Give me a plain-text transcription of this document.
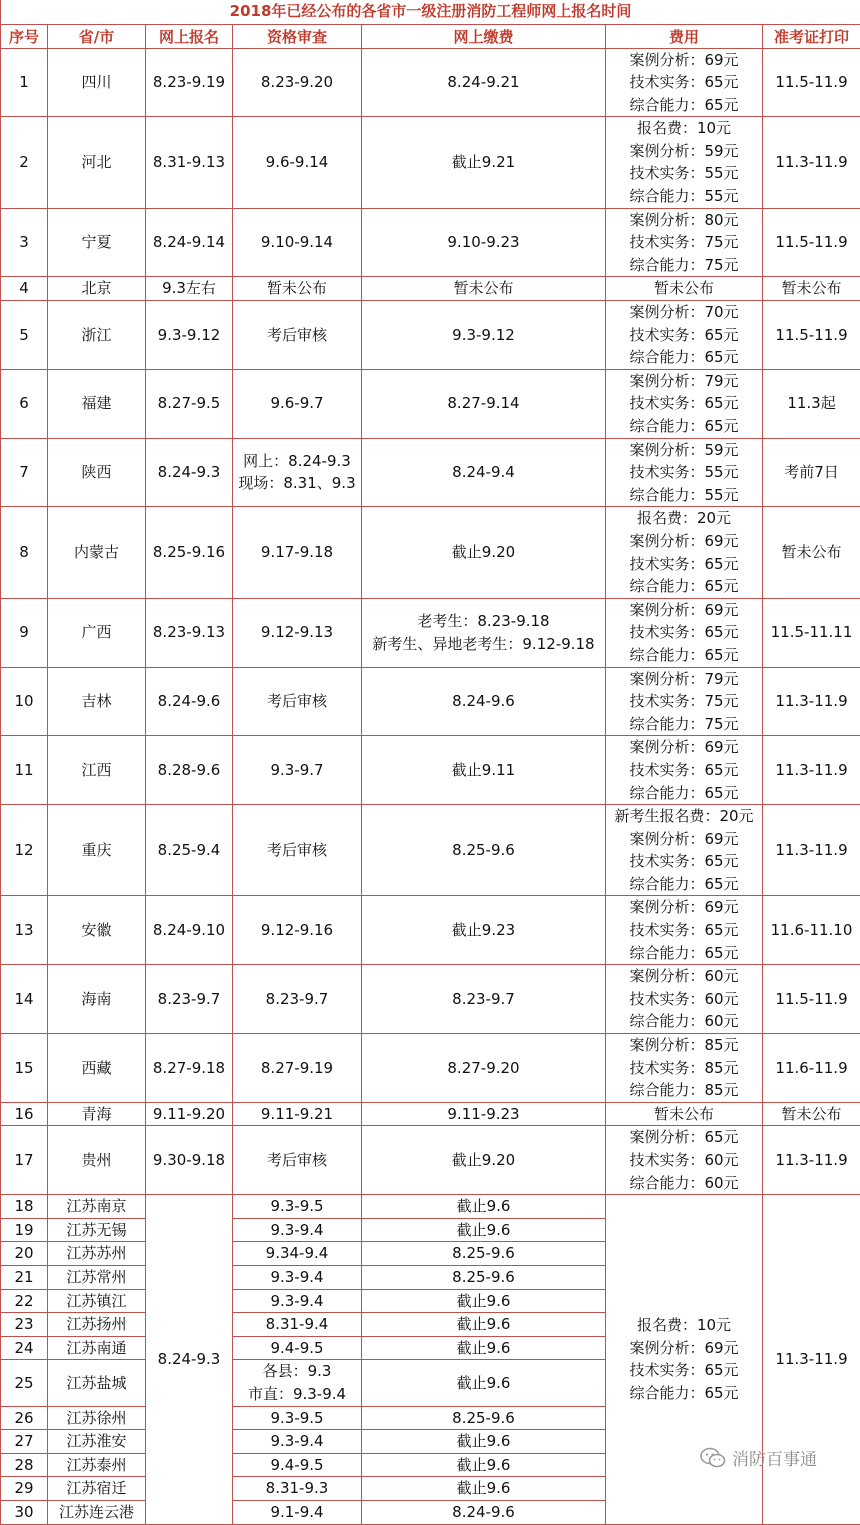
2018年已经公布的各省市一级注册消防工程师网上报名时间						
序号	省/市	网上报名	资格审查	网上缴费	费用	准考证打印
1	四川	8.23-9.19	8.23-9.20	8.24-9.21	案例分析：69元
技术实务：65元
综合能力：65元	11.5-11.9
2	河北	8.31-9.13	9.6-9.14	截止9.21	报名费：10元
案例分析：59元
技术实务：55元
综合能力：55元	11.3-11.9
3	宁夏	8.24-9.14	9.10-9.14	9.10-9.23	案例分析：80元
技术实务：75元
综合能力：75元	11.5-11.9
4	北京	9.3左右	暂未公布	暂未公布	暂未公布	暂未公布
5	浙江	9.3-9.12	考后审核	9.3-9.12	案例分析：70元
技术实务：65元
综合能力：65元	11.5-11.9
6	福建	8.27-9.5	9.6-9.7	8.27-9.14	案例分析：79元
技术实务：65元
综合能力：65元	11.3起
7	陕西	8.24-9.3	网上：8.24-9.3
现场：8.31、9.3	8.24-9.4	案例分析：59元
技术实务：55元
综合能力：55元	考前7日
8	内蒙古	8.25-9.16	9.17-9.18	截止9.20	报名费：20元
案例分析：69元
技术实务：65元
综合能力：65元	暂未公布
9	广西	8.23-9.13	9.12-9.13	老考生：8.23-9.18
新考生、异地老考生：9.12-9.18	案例分析：69元
技术实务：65元
综合能力：65元	11.5-11.11
10	吉林	8.24-9.6	考后审核	8.24-9.6	案例分析：79元
技术实务：75元
综合能力：75元	11.3-11.9
11	江西	8.28-9.6	9.3-9.7	截止9.11	案例分析：69元
技术实务：65元
综合能力：65元	11.3-11.9
12	重庆	8.25-9.4	考后审核	8.25-9.6	新考生报名费：20元
案例分析：69元
技术实务：65元
综合能力：65元	11.3-11.9
13	安徽	8.24-9.10	9.12-9.16	截止9.23	案例分析：69元
技术实务：65元
综合能力：65元	11.6-11.10
14	海南	8.23-9.7	8.23-9.7	8.23-9.7	案例分析：60元
技术实务：60元
综合能力：60元	11.5-11.9
15	西藏	8.27-9.18	8.27-9.19	8.27-9.20	案例分析：85元
技术实务：85元
综合能力：85元	11.6-11.9
16	青海	9.11-9.20	9.11-9.21	9.11-9.23	暂未公布	暂未公布
17	贵州	9.30-9.18	考后审核	截止9.20	案例分析：65元
技术实务：60元
综合能力：60元	11.3-11.9
18	江苏南京	8.24-9.3	9.3-9.5	截止9.6	报名费：10元
案例分析：69元
技术实务：65元
综合能力：65元	11.3-11.9
19	江苏无锡		9.3-9.4	截止9.6		
20	江苏苏州		9.34-9.4	8.25-9.6		
21	江苏常州		9.3-9.4	8.25-9.6		
22	江苏镇江		9.3-9.4	截止9.6		
23	江苏扬州		8.31-9.4	截止9.6		
24	江苏南通		9.4-9.5	截止9.6		
25	江苏盐城		各县：9.3
市直：9.3-9.4	截止9.6		
26	江苏徐州		9.3-9.5	8.25-9.6		
27	江苏淮安		9.3-9.4	截止9.6		
28	江苏泰州		9.4-9.5	截止9.6		
29	江苏宿迁		8.31-9.3	截止9.6		
30	江苏连云港		9.1-9.4	8.24-9.6		
消防百事通
